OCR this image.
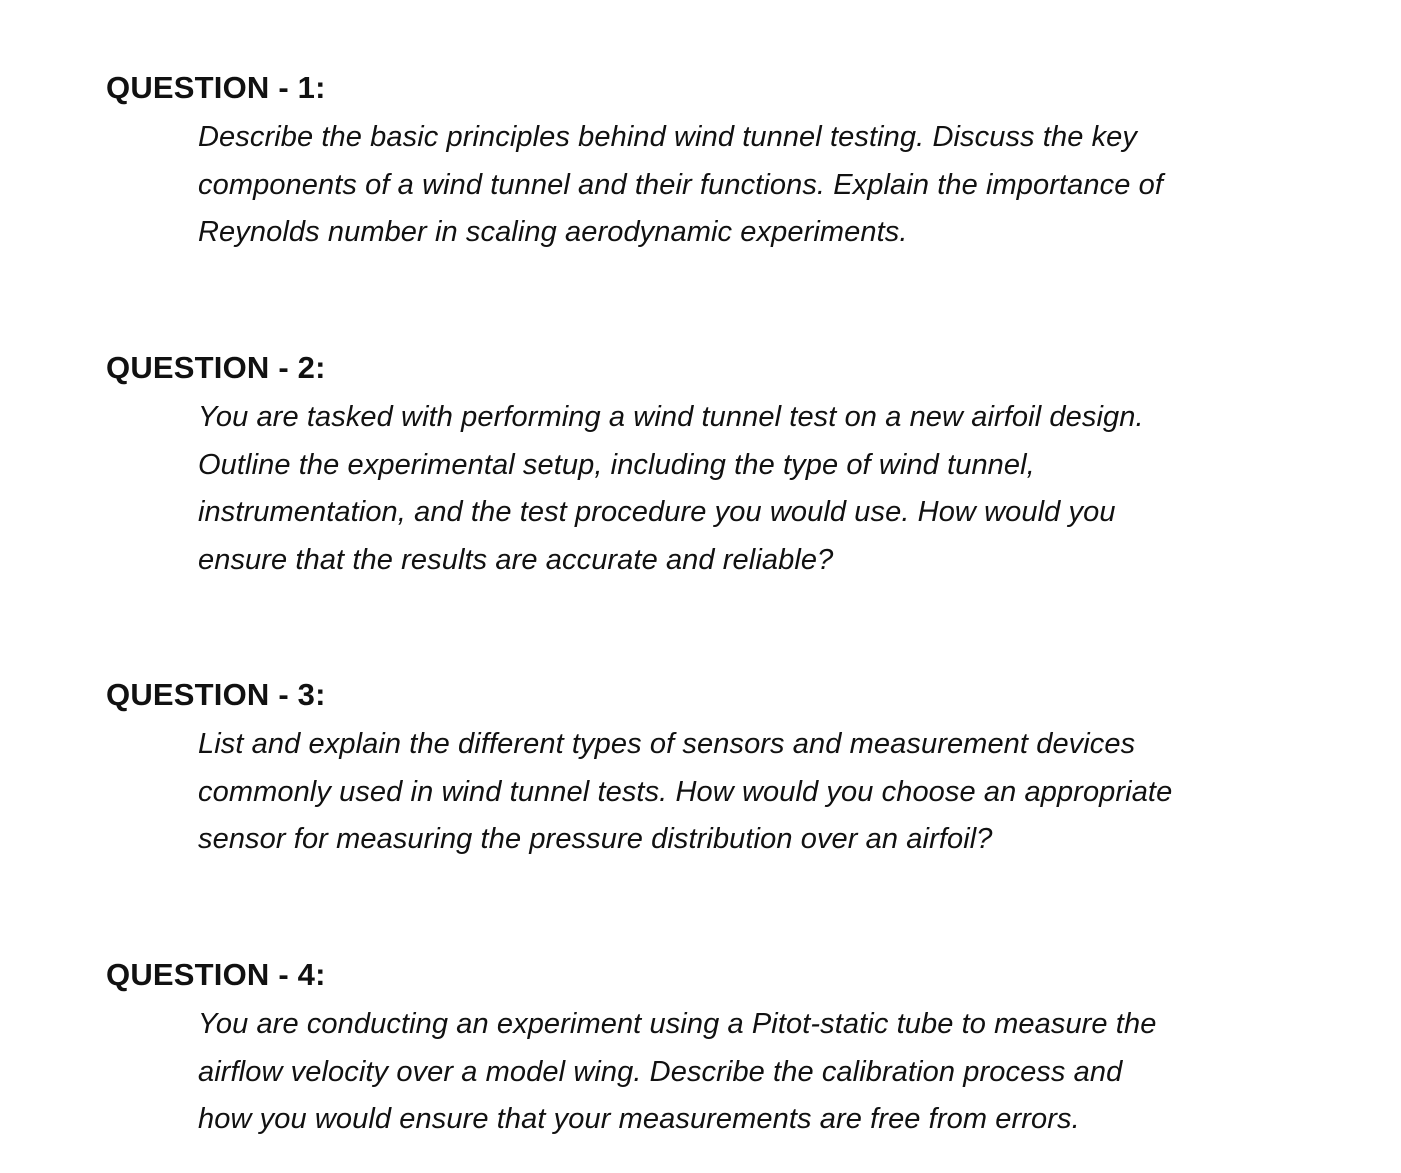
QUESTION - 1:
Describe the basic principles behind wind tunnel testing. Discuss the key
components of a wind tunnel and their functions. Explain the importance of
Reynolds number in scaling aerodynamic experiments.
QUESTION - 2:
You are tasked with performing a wind tunnel test on a new airfoil design.
Outline the experimental setup, including the type of wind tunnel,
instrumentation, and the test procedure you would use. How would you
ensure that the results are accurate and reliable?
QUESTION - 3:
List and explain the different types of sensors and measurement devices
commonly used in wind tunnel tests. How would you choose an appropriate
sensor for measuring the pressure distribution over an airfoil?
QUESTION - 4:
You are conducting an experiment using a Pitot-static tube to measure the
airflow velocity over a model wing. Describe the calibration process and
how you would ensure that your measurements are free from errors.
